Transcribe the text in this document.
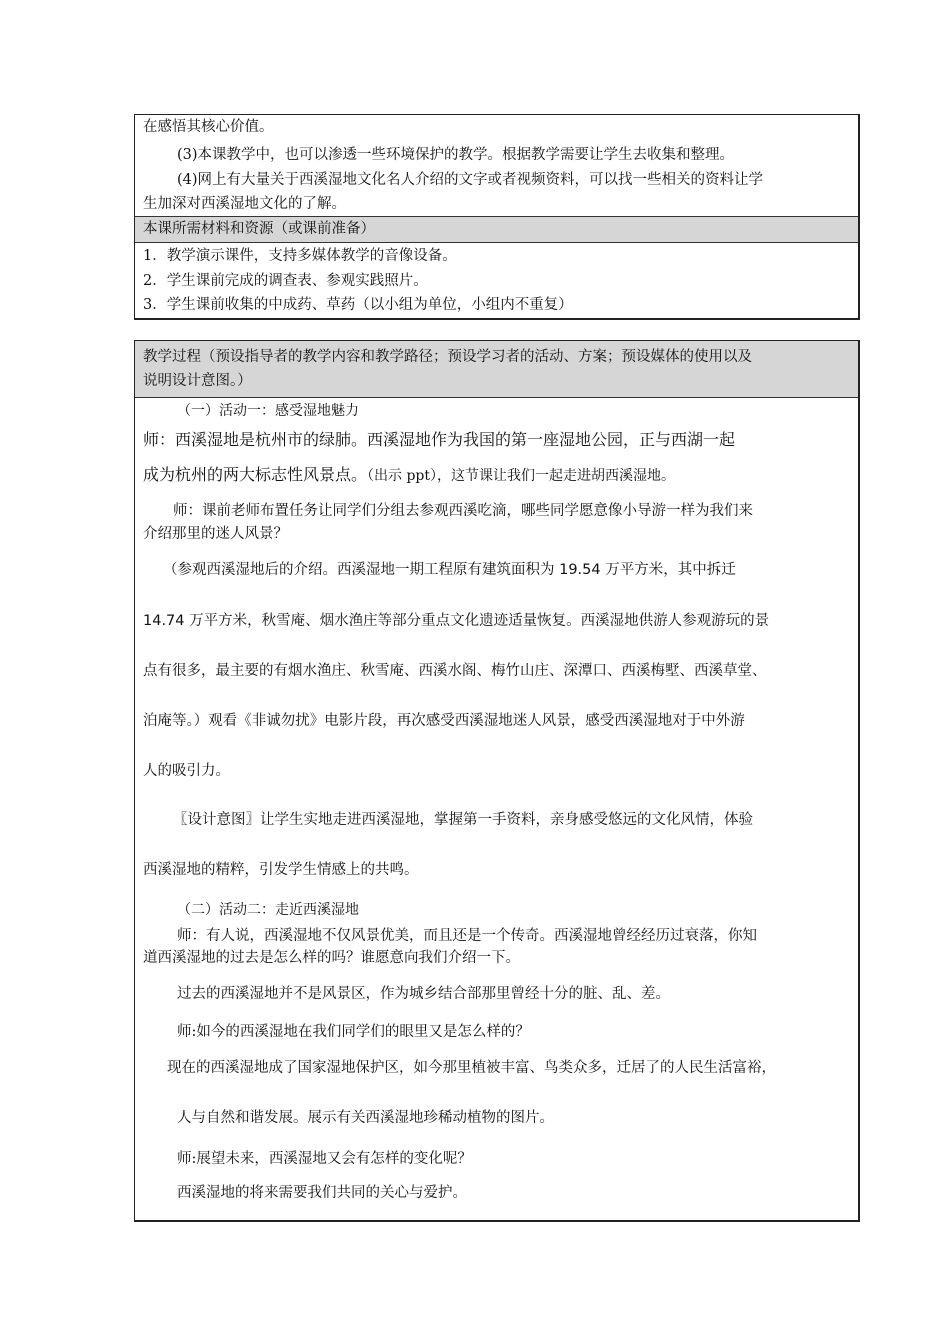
在感悟其核心价值。
(3)本课教学中，也可以渗透一些环境保护的教学。根据教学需要让学生去收集和整理。
(4)网上有大量关于西溪湿地文化名人介绍的文字或者视频资料，可以找一些相关的资料让学
生加深对西溪湿地文化的了解。
本课所需材料和资源（或课前准备）
1．教学演示课件，支持多媒体教学的音像设备。
2．学生课前完成的调查表、参观实践照片。
3．学生课前收集的中成药、草药（以小组为单位，小组内不重复）
教学过程（预设指导者的教学内容和教学路径；预设学习者的活动、方案；预设媒体的使用以及
说明设计意图。）
（一）活动一：感受湿地魅力
师：西溪湿地是杭州市的绿肺。西溪湿地作为我国的第一座湿地公园，正与西湖一起
成为杭州的两大标志性风景点。（出示 ppt），这节课让我们一起走进胡西溪湿地。
师：课前老师布置任务让同学们分组去参观西溪吃滴，哪些同学愿意像小导游一样为我们来
介绍那里的迷人风景？
（参观西溪湿地后的介绍。西溪湿地一期工程原有建筑面积为 19.54 万平方米，其中拆迁
14.74 万平方米，秋雪庵、烟水渔庄等部分重点文化遗迹适量恢复。西溪湿地供游人参观游玩的景
点有很多，最主要的有烟水渔庄、秋雪庵、西溪水阁、梅竹山庄、深潭口、西溪梅墅、西溪草堂、
泊庵等。）观看《非诚勿扰》电影片段，再次感受西溪湿地迷人风景，感受西溪湿地对于中外游
人的吸引力。
〖设计意图〗让学生实地走进西溪湿地，掌握第一手资料，亲身感受悠远的文化风情，体验
西溪湿地的精粹，引发学生情感上的共鸣。
（二）活动二：走近西溪湿地
师：有人说，西溪湿地不仅风景优美，而且还是一个传奇。西溪湿地曾经经历过衰落，你知
道西溪湿地的过去是怎么样的吗？谁愿意向我们介绍一下。
过去的西溪湿地并不是风景区，作为城乡结合部那里曾经十分的脏、乱、差。
师:如今的西溪湿地在我们同学们的眼里又是怎么样的？
现在的西溪湿地成了国家湿地保护区，如今那里植被丰富、鸟类众多，迁居了的人民生活富裕，
人与自然和谐发展。展示有关西溪湿地珍稀动植物的图片。
师:展望未来，西溪湿地又会有怎样的变化呢？
西溪湿地的将来需要我们共同的关心与爱护。
